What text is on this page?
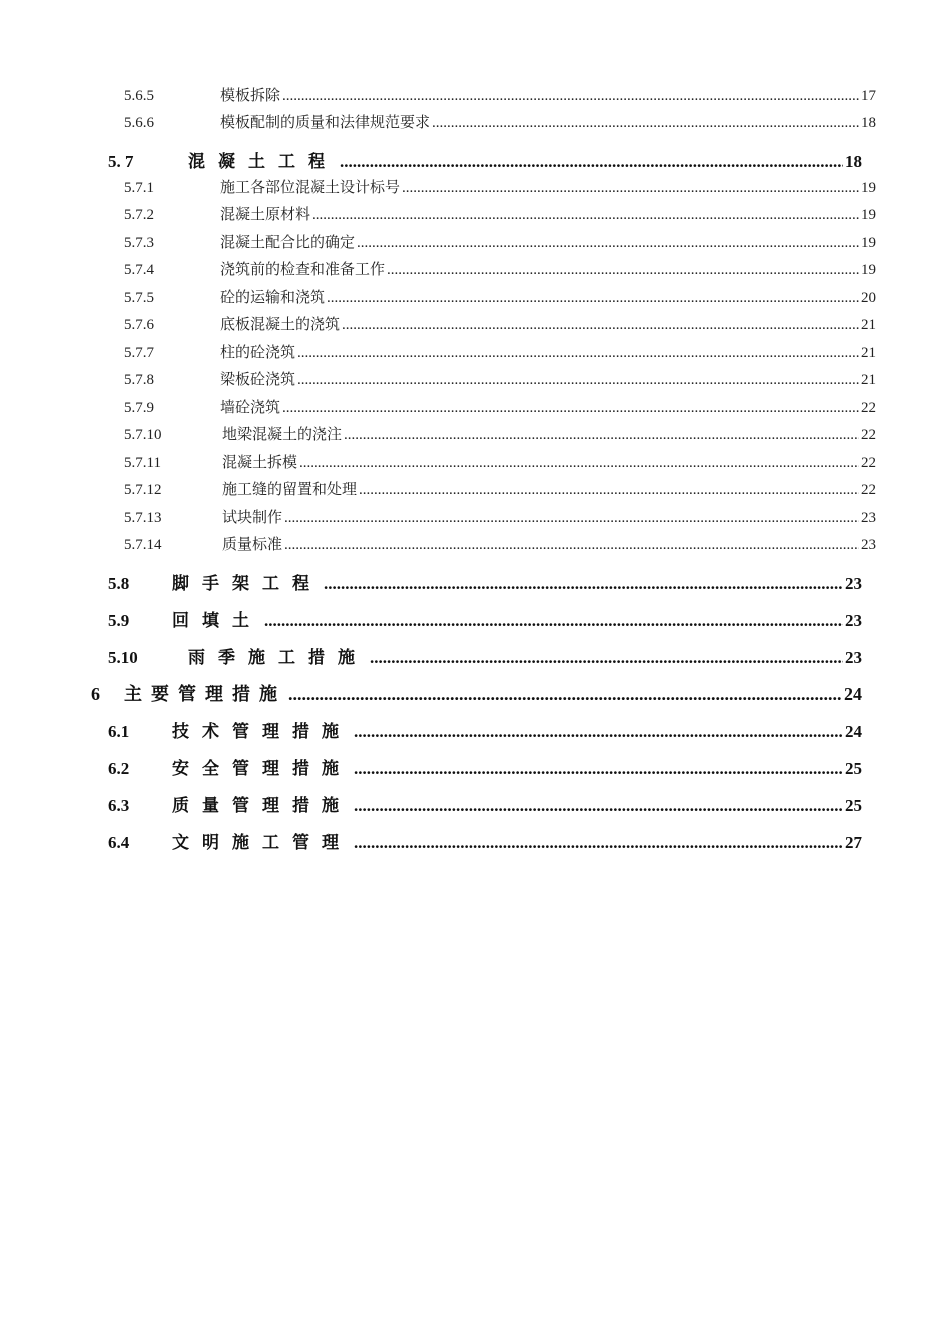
5.6.5	模板拆除 .....	17
5.6.6	模板配制的质量和法律规范要求 .....	18
5. 7	混凝土工程 .....	18
5.7.1	施工各部位混凝土设计标号 .....	19
5.7.2	混凝土原材料 .....	19
5.7.3	混凝土配合比的确定 .....	19
5.7.4	浇筑前的检查和准备工作 .....	19
5.7.5	砼的运输和浇筑 .....	20
5.7.6	底板混凝土的浇筑 .....	21
5.7.7	柱的砼浇筑 .....	21
5.7.8	梁板砼浇筑 .....	21
5.7.9	墙砼浇筑 .....	22
5.7.10	地梁混凝土的浇注 .....	22
5.7.11	混凝土拆模 .....	22
5.7.12	施工缝的留置和处理 .....	22
5.7.13	试块制作 .....	23
5.7.14	质量标准 .....	23
5.8	脚手架工程 .....	23
5.9	回填土 .....	23
5.10	雨季施工措施 .....	23
6	主要管理措施 .....	24
6.1	技术管理措施 .....	24
6.2	安全管理措施 .....	25
6.3	质量管理措施 .....	25
6.4	文明施工管理 .....	27
